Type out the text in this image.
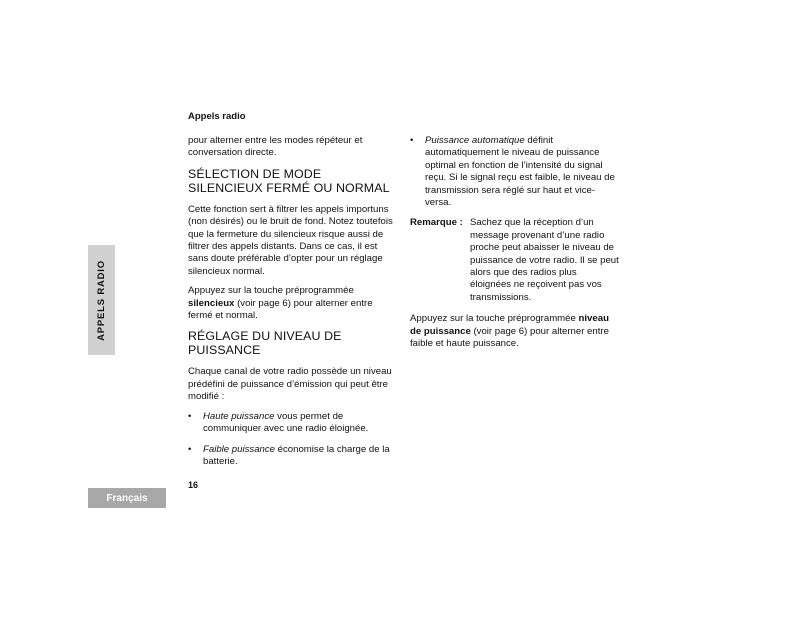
Appels radio
APPELS RADIO

pour alterner entre les modes répéteur et conversation directe.

SÉLECTION DE MODE SILENCIEUX FERMÉ OU NORMAL

Cette fonction sert à filtrer les appels importuns (non désirés) ou le bruit de fond. Notez toutefois que la fermeture du silencieux risque aussi de filtrer des appels distants. Dans ce cas, il est sans doute préférable d’opter pour un réglage silencieux normal.

Appuyez sur la touche préprogrammée silencieux (voir page 6) pour alterner entre fermé et normal.

RÉGLAGE DU NIVEAU DE PUISSANCE

Chaque canal de votre radio possède un niveau prédéfini de puissance d’émission qui peut être modifié :

• Haute puissance vous permet de communiquer avec une radio éloignée.
• Faible puissance économise la charge de la batterie.
• Puissance automatique définit automatiquement le niveau de puissance optimal en fonction de l’intensité du signal reçu. Si le signal reçu est faible, le niveau de transmission sera réglé sur haut et vice-versa.
Remarque : Sachez que la réception d’un message provenant d’une radio proche peut abaisser le niveau de puissance de votre radio. Il se peut alors que des radios plus éloignées ne reçoivent pas vos transmissions.

Appuyez sur la touche préprogrammée niveau de puissance (voir page 6) pour alterner entre faible et haute puissance.

16
Français
